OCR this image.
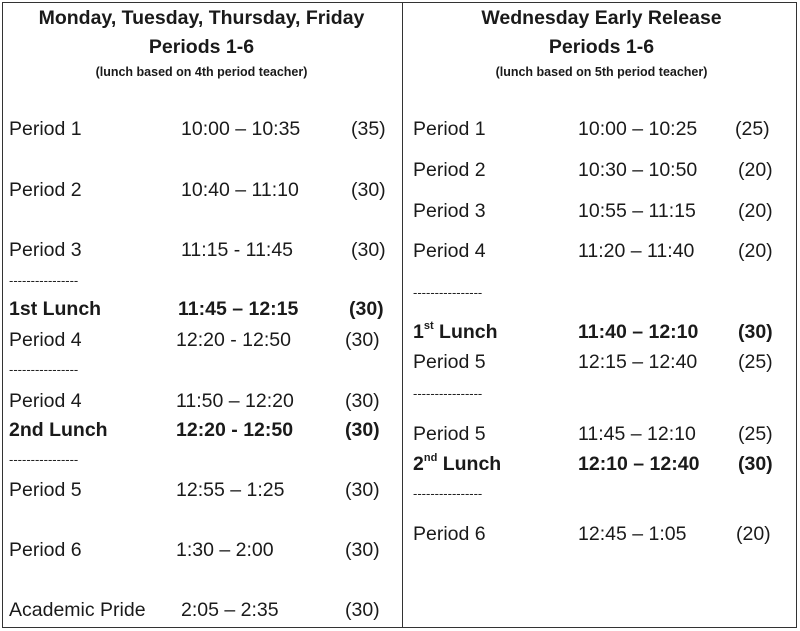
Monday, Tuesday, Thursday, Friday
Periods 1-6
(lunch based on 4th period teacher)
Period 1	10:00 – 10:35	(35)
Period 2	10:40 – 11:10	(30)
Period 3	11:15 - 11:45	(30)
----------------
1st Lunch	11:45 – 12:15	(30)
Period 4	12:20 - 12:50	(30)
----------------
Period 4	11:50 – 12:20	(30)
2nd Lunch	12:20 - 12:50	(30)
----------------
Period 5	12:55 – 1:25	(30)
Period 6	1:30 – 2:00	(30)
Academic Pride 2:05 – 2:35	(30)
Wednesday Early Release
Periods 1-6
(lunch based on 5th period teacher)
Period 1	10:00 – 10:25 (25)
Period 2	10:30 – 10:50 (20)
Period 3	10:55 – 11:15 (20)
Period 4	11:20 – 11:40 (20)
----------------
1st Lunch	11:40 – 12:10 (30)
Period 5	12:15 – 12:40 (25)
----------------
Period 5	11:45 – 12:10 (25)
2nd Lunch	12:10 – 12:40 (30)
----------------
Period 6	12:45 – 1:05	(20)
